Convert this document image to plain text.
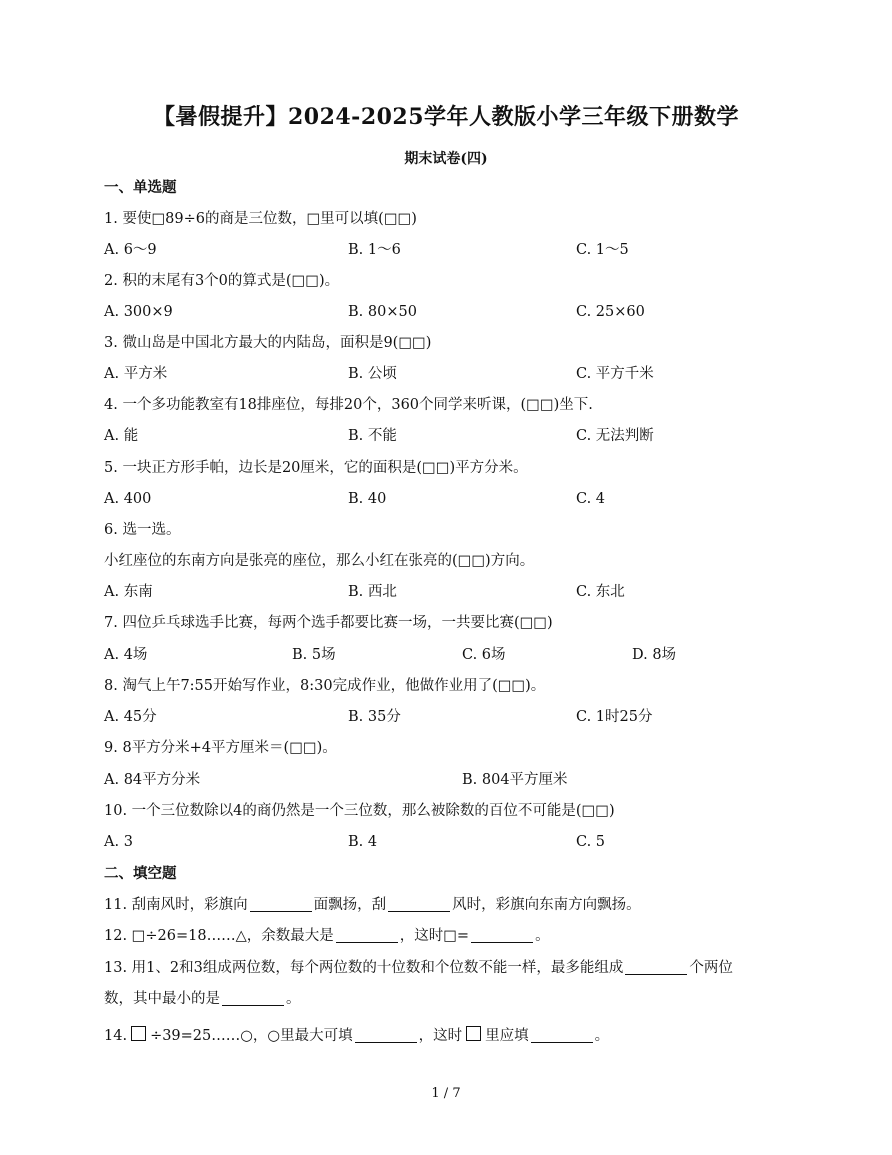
【暑假提升】2024-2025学年人教版小学三年级下册数学
期末试卷(四)
一、单选题
1. 要使□89÷6的商是三位数，□里可以填(□□)
A. 6～9	B. 1～6	C. 1～5
2. 积的末尾有3个0的算式是(□□)。
A. 300×9	B. 80×50	C. 25×60
3. 微山岛是中国北方最大的内陆岛，面积是9(□□)
A. 平方米	B. 公顷	C. 平方千米
4. 一个多功能教室有18排座位，每排20个，360个同学来听课，(□□)坐下.
A. 能	B. 不能	C. 无法判断
5. 一块正方形手帕，边长是20厘米，它的面积是(□□)平方分米。
A. 400	B. 40	C. 4
6. 选一选。
小红座位的东南方向是张亮的座位，那么小红在张亮的(□□)方向。
A. 东南	B. 西北	C. 东北
7. 四位乒乓球选手比赛，每两个选手都要比赛一场，一共要比赛(□□)
A. 4场	B. 5场	C. 6场	D. 8场
8. 淘气上午7:55开始写作业，8:30完成作业，他做作业用了(□□)。
A. 45分	B. 35分	C. 1时25分
9. 8平方分米+4平方厘米＝(□□)。
A. 84平方分米	B. 804平方厘米
10. 一个三位数除以4的商仍然是一个三位数，那么被除数的百位不可能是(□□)
A. 3	B. 4	C. 5
二、填空题
11. 刮南风时，彩旗向	面飘扬，刮	风时，彩旗向东南方向飘扬。
12. □÷26=18……△，余数最大是	，这时□=	。
13. 用1、2和3组成两位数，每个两位数的十位数和个位数不能一样，最多能组成	个两位
数，其中最小的是	。
14. ÷39=25……○，○里最大可填	，这时 里应填	。
1 / 7
